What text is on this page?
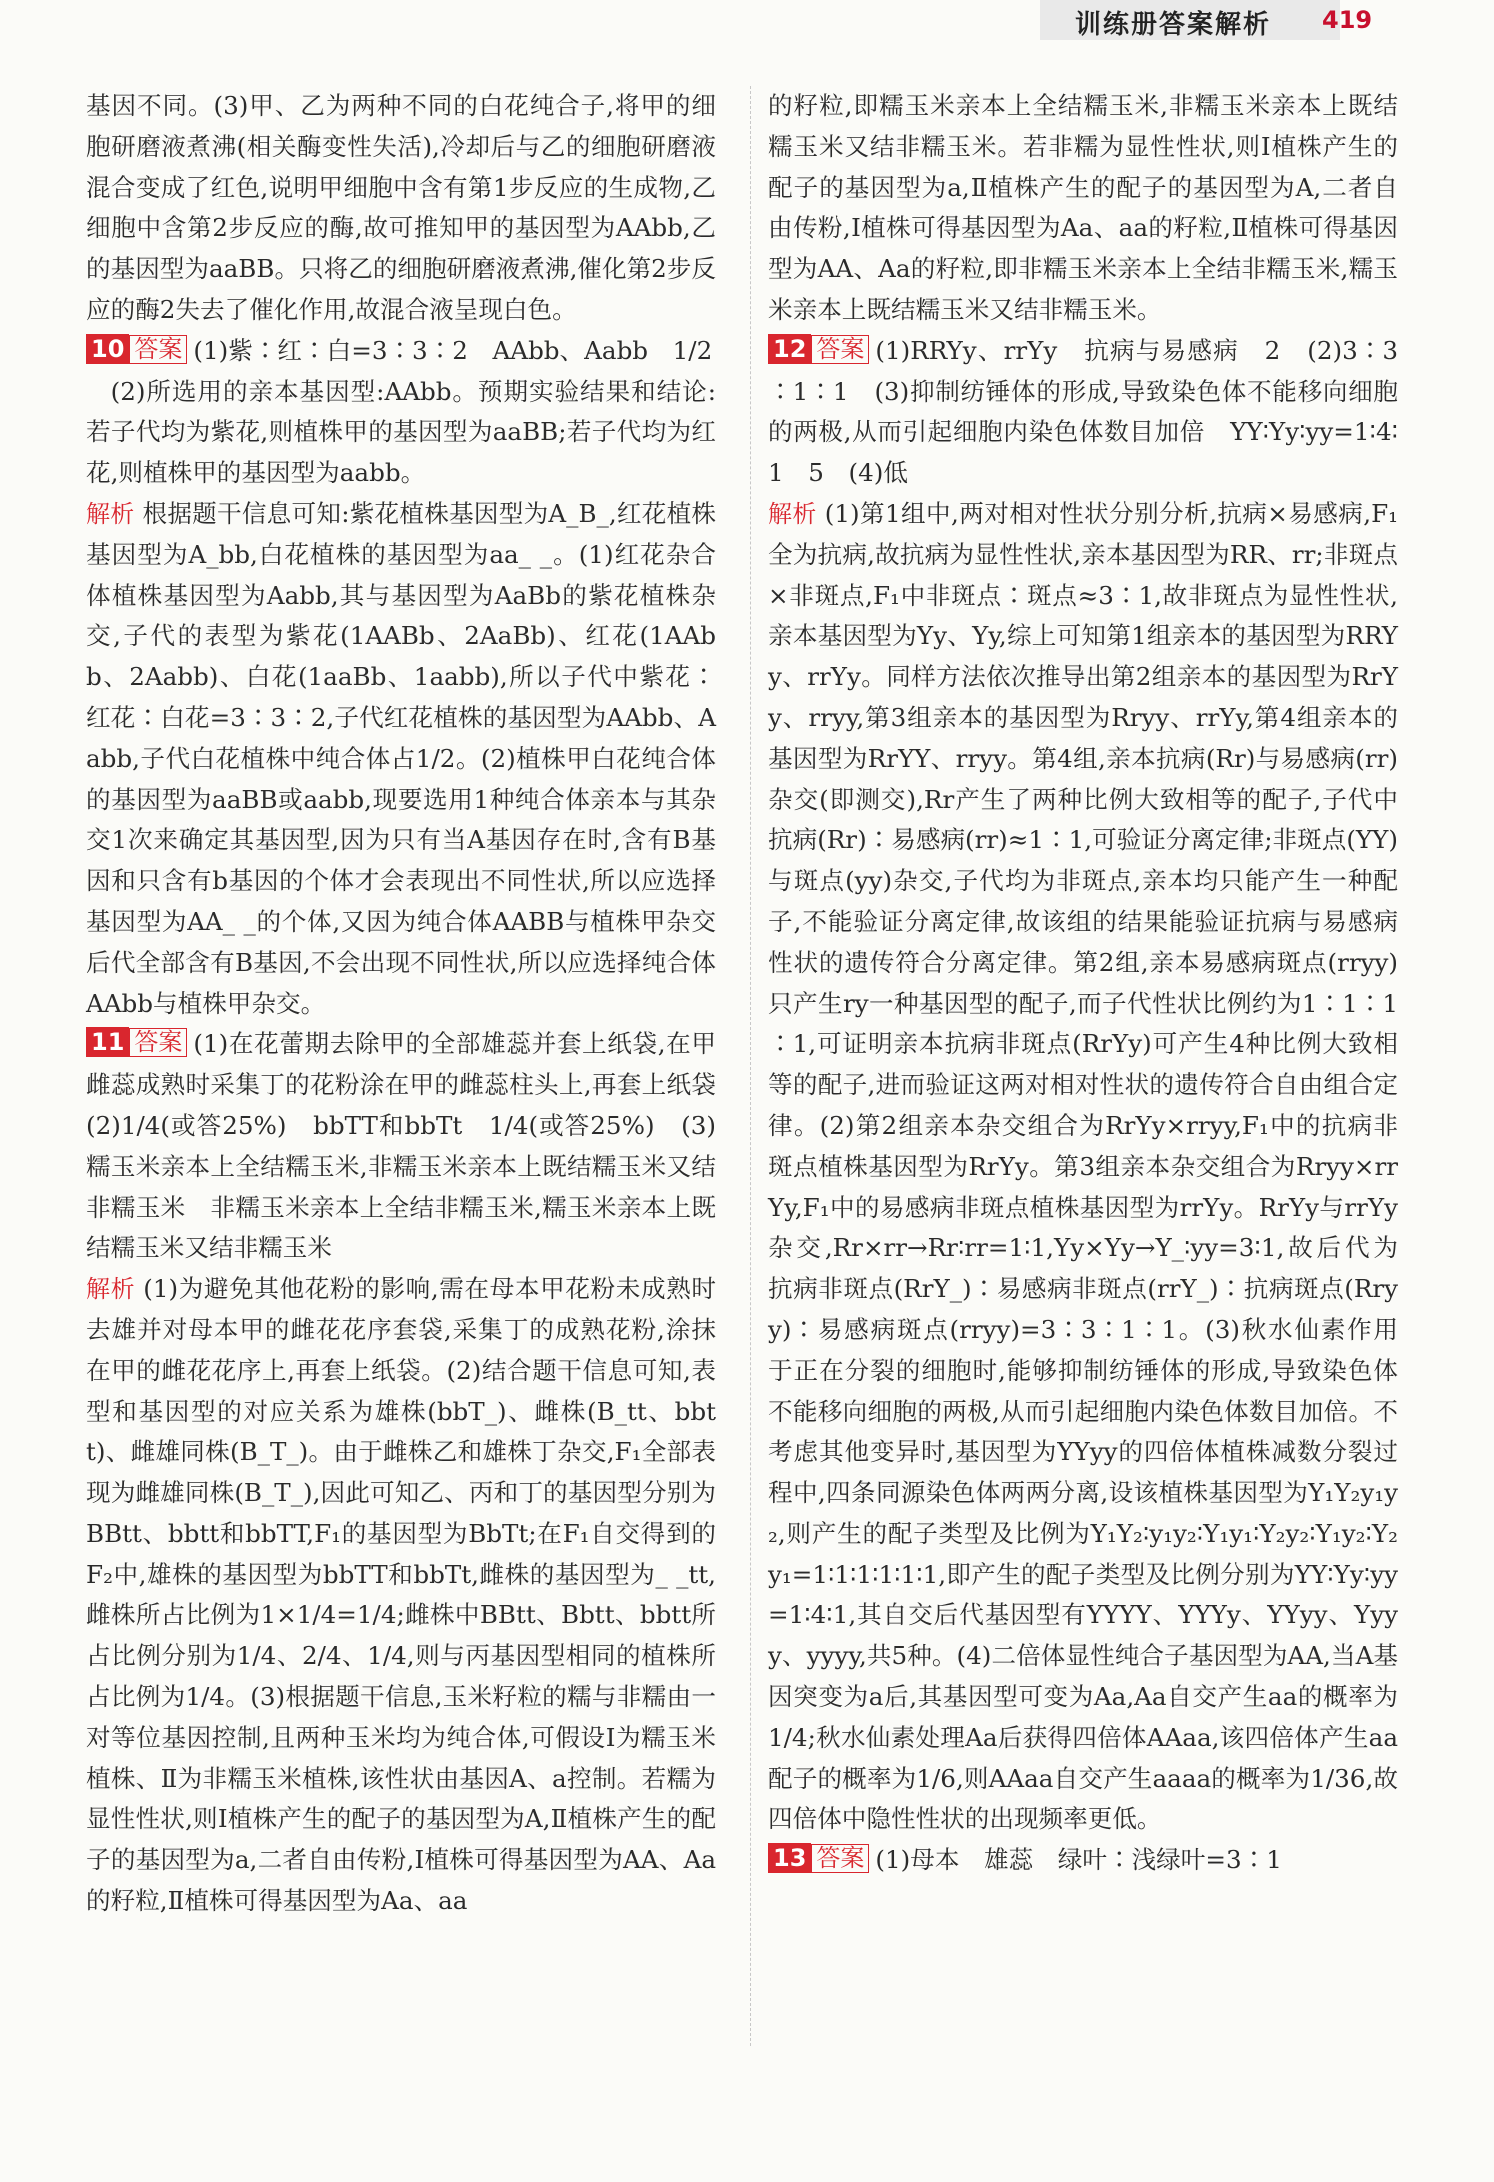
训练册答案解析 419

基因不同。(3)甲、乙为两种不同的白花纯合子,将甲的细胞研磨液煮沸(相关酶变性失活),冷却后与乙的细胞研磨液混合变成了红色,说明甲细胞中含有第1步反应的生成物,乙细胞中含第2步反应的酶,故可推知甲的基因型为AAbb,乙的基因型为aaBB。只将乙的细胞研磨液煮沸,催化第2步反应的酶2失去了催化作用,故混合液呈现白色。

10 答案 (1)紫∶红∶白=3∶3∶2　AAbb、Aabb　1/2

(2)所选用的亲本基因型:AAbb。预期实验结果和结论:若子代均为紫花,则植株甲的基因型为aaBB;若子代均为红花,则植株甲的基因型为aabb。

解析 根据题干信息可知:紫花植株基因型为A_B_,红花植株基因型为A_bb,白花植株的基因型为aa_ _。(1)红花杂合体植株基因型为Aabb,其与基因型为AaBb的紫花植株杂交,子代的表型为紫花(1AABb、2AaBb)、红花(1AAbb、2Aabb)、白花(1aaBb、1aabb),所以子代中紫花∶红花∶白花=3∶3∶2,子代红花植株的基因型为AAbb、Aabb,子代白花植株中纯合体占1/2。(2)植株甲白花纯合体的基因型为aaBB或aabb,现要选用1种纯合体亲本与其杂交1次来确定其基因型,因为只有当A基因存在时,含有B基因和只含有b基因的个体才会表现出不同性状,所以应选择基因型为AA_ _的个体,又因为纯合体AABB与植株甲杂交后代全部含有B基因,不会出现不同性状,所以应选择纯合体AAbb与植株甲杂交。

11 答案 (1)在花蕾期去除甲的全部雄蕊并套上纸袋,在甲雌蕊成熟时采集丁的花粉涂在甲的雌蕊柱头上,再套上纸袋　(2)1/4(或答25%)　bbTT和bbTt　1/4(或答25%)　(3)糯玉米亲本上全结糯玉米,非糯玉米亲本上既结糯玉米又结非糯玉米　非糯玉米亲本上全结非糯玉米,糯玉米亲本上既结糯玉米又结非糯玉米

解析 (1)为避免其他花粉的影响,需在母本甲花粉未成熟时去雄并对母本甲的雌花花序套袋,采集丁的成熟花粉,涂抹在甲的雌花花序上,再套上纸袋。(2)结合题干信息可知,表型和基因型的对应关系为雄株(bbT_)、雌株(B_tt、bbtt)、雌雄同株(B_T_)。由于雌株乙和雄株丁杂交,F₁全部表现为雌雄同株(B_T_),因此可知乙、丙和丁的基因型分别为BBtt、bbtt和bbTT,F₁的基因型为BbTt;在F₁自交得到的F₂中,雄株的基因型为bbTT和bbTt,雌株的基因型为_ _tt,雌株所占比例为1×1/4=1/4;雌株中BBtt、Bbtt、bbtt所占比例分别为1/4、2/4、1/4,则与丙基因型相同的植株所占比例为1/4。(3)根据题干信息,玉米籽粒的糯与非糯由一对等位基因控制,且两种玉米均为纯合体,可假设Ⅰ为糯玉米植株、Ⅱ为非糯玉米植株,该性状由基因A、a控制。若糯为显性性状,则Ⅰ植株产生的配子的基因型为A,Ⅱ植株产生的配子的基因型为a,二者自由传粉,Ⅰ植株可得基因型为AA、Aa的籽粒,Ⅱ植株可得基因型为Aa、aa

的籽粒,即糯玉米亲本上全结糯玉米,非糯玉米亲本上既结糯玉米又结非糯玉米。若非糯为显性性状,则Ⅰ植株产生的配子的基因型为a,Ⅱ植株产生的配子的基因型为A,二者自由传粉,Ⅰ植株可得基因型为Aa、aa的籽粒,Ⅱ植株可得基因型为AA、Aa的籽粒,即非糯玉米亲本上全结非糯玉米,糯玉米亲本上既结糯玉米又结非糯玉米。

12 答案 (1)RRYy、rrYy　抗病与易感病　2　(2)3∶3∶1∶1　(3)抑制纺锤体的形成,导致染色体不能移向细胞的两极,从而引起细胞内染色体数目加倍　YY∶Yy∶yy=1∶4∶1　5　(4)低

解析 (1)第1组中,两对相对性状分别分析,抗病×易感病,F₁全为抗病,故抗病为显性性状,亲本基因型为RR、rr;非斑点×非斑点,F₁中非斑点∶斑点≈3∶1,故非斑点为显性性状,亲本基因型为Yy、Yy,综上可知第1组亲本的基因型为RRYy、rrYy。同样方法依次推导出第2组亲本的基因型为RrYy、rryy,第3组亲本的基因型为Rryy、rrYy,第4组亲本的基因型为RrYY、rryy。第4组,亲本抗病(Rr)与易感病(rr)杂交(即测交),Rr产生了两种比例大致相等的配子,子代中抗病(Rr)∶易感病(rr)≈1∶1,可验证分离定律;非斑点(YY)与斑点(yy)杂交,子代均为非斑点,亲本均只能产生一种配子,不能验证分离定律,故该组的结果能验证抗病与易感病性状的遗传符合分离定律。第2组,亲本易感病斑点(rryy)只产生ry一种基因型的配子,而子代性状比例约为1∶1∶1∶1,可证明亲本抗病非斑点(RrYy)可产生4种比例大致相等的配子,进而验证这两对相对性状的遗传符合自由组合定律。(2)第2组亲本杂交组合为RrYy×rryy,F₁中的抗病非斑点植株基因型为RrYy。第3组亲本杂交组合为Rryy×rrYy,F₁中的易感病非斑点植株基因型为rrYy。RrYy与rrYy杂交,Rr×rr→Rr∶rr=1∶1,Yy×Yy→Y_∶yy=3∶1,故后代为抗病非斑点(RrY_)∶易感病非斑点(rrY_)∶抗病斑点(Rryy)∶易感病斑点(rryy)=3∶3∶1∶1。(3)秋水仙素作用于正在分裂的细胞时,能够抑制纺锤体的形成,导致染色体不能移向细胞的两极,从而引起细胞内染色体数目加倍。不考虑其他变异时,基因型为YYyy的四倍体植株减数分裂过程中,四条同源染色体两两分离,设该植株基因型为Y₁Y₂y₁y₂,则产生的配子类型及比例为Y₁Y₂∶y₁y₂∶Y₁y₁∶Y₂y₂∶Y₁y₂∶Y₂y₁=1∶1∶1∶1∶1∶1,即产生的配子类型及比例分别为YY∶Yy∶yy=1∶4∶1,其自交后代基因型有YYYY、YYYy、YYyy、Yyyy、yyyy,共5种。(4)二倍体显性纯合子基因型为AA,当A基因突变为a后,其基因型可变为Aa,Aa自交产生aa的概率为1/4;秋水仙素处理Aa后获得四倍体AAaa,该四倍体产生aa配子的概率为1/6,则AAaa自交产生aaaa的概率为1/36,故四倍体中隐性性状的出现频率更低。

13 答案 (1)母本　雄蕊　绿叶∶浅绿叶=3∶1
